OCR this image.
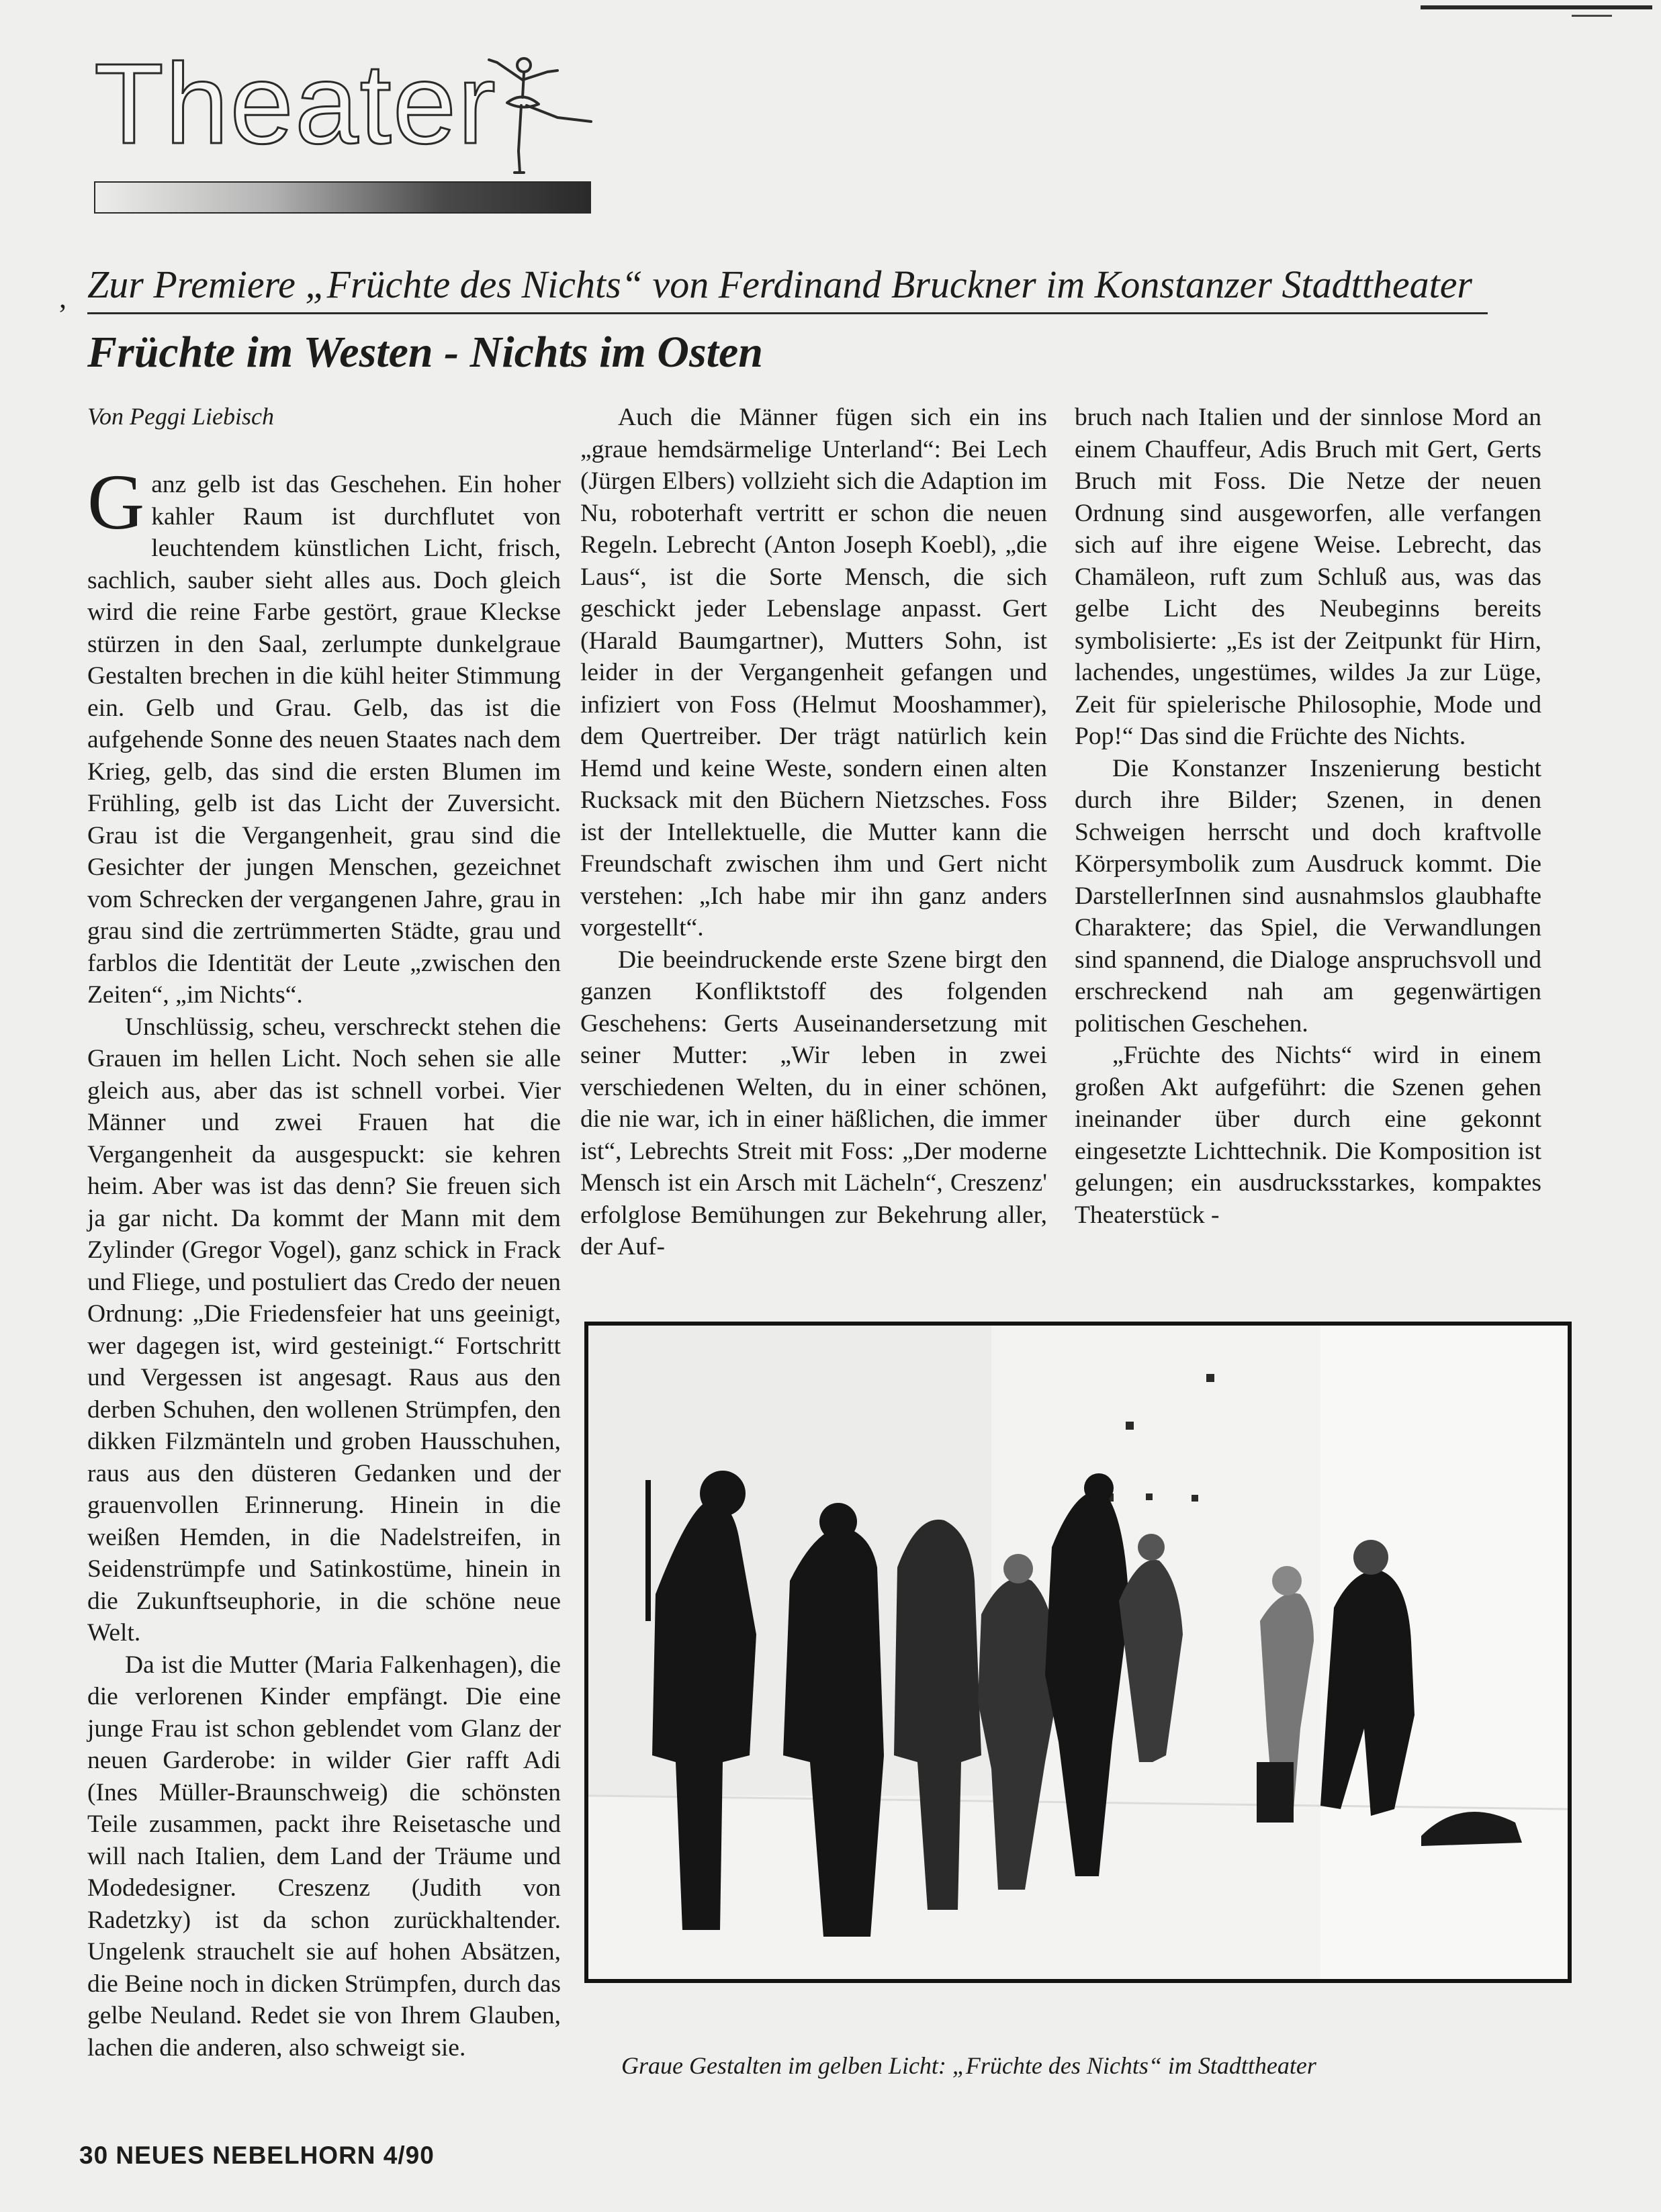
Theater
, Zur Premiere „Früchte des Nichts“ von Ferdinand Bruckner im Konstanzer Stadttheater
Früchte im Westen - Nichts im Osten
Von Peggi Liebisch

Ganz gelb ist das Geschehen. Ein hoher kahler Raum ist durchflutet von leuchtendem künstlichen Licht, frisch, sachlich, sauber sieht alles aus. Doch gleich wird die reine Farbe gestört, graue Kleckse stürzen in den Saal, zerlumpte dunkelgraue Gestalten brechen in die kühl heiter Stimmung ein. Gelb und Grau. Gelb, das ist die aufgehende Sonne des neuen Staates nach dem Krieg, gelb, das sind die ersten Blumen im Frühling, gelb ist das Licht der Zuversicht. Grau ist die Vergangenheit, grau sind die Gesichter der jungen Menschen, gezeichnet vom Schrecken der vergangenen Jahre, grau in grau sind die zertrümmerten Städte, grau und farblos die Identität der Leute „zwischen den Zeiten“, „im Nichts“.

Unschlüssig, scheu, verschreckt stehen die Grauen im hellen Licht. Noch sehen sie alle gleich aus, aber das ist schnell vorbei. Vier Männer und zwei Frauen hat die Vergangenheit da ausgespuckt: sie kehren heim. Aber was ist das denn? Sie freuen sich ja gar nicht. Da kommt der Mann mit dem Zylinder (Gregor Vogel), ganz schick in Frack und Fliege, und postuliert das Credo der neuen Ordnung: „Die Friedensfeier hat uns geeinigt, wer dagegen ist, wird gesteinigt.“ Fortschritt und Vergessen ist angesagt. Raus aus den derben Schuhen, den wollenen Strümpfen, den dikken Filzmänteln und groben Hausschuhen, raus aus den düsteren Gedanken und der grauenvollen Erinnerung. Hinein in die weißen Hemden, in die Nadelstreifen, in Seidenstrümpfe und Satinkostüme, hinein in die Zukunftseuphorie, in die schöne neue Welt.

Da ist die Mutter (Maria Falkenhagen), die die verlorenen Kinder empfängt. Die eine junge Frau ist schon geblendet vom Glanz der neuen Garderobe: in wilder Gier rafft Adi (Ines Müller-Braunschweig) die schönsten Teile zusammen, packt ihre Reisetasche und will nach Italien, dem Land der Träume und Modedesigner. Creszenz (Judith von Radetzky) ist da schon zurückhaltender. Ungelenk strauchelt sie auf hohen Absätzen, die Beine noch in dicken Strümpfen, durch das gelbe Neuland. Redet sie von Ihrem Glauben, lachen die anderen, also schweigt sie.

Auch die Männer fügen sich ein ins „graue hemdsärmelige Unterland“: Bei Lech (Jürgen Elbers) vollzieht sich die Adaption im Nu, roboterhaft vertritt er schon die neuen Regeln. Lebrecht (Anton Joseph Koebl), „die Laus“, ist die Sorte Mensch, die sich geschickt jeder Lebenslage anpasst. Gert (Harald Baumgartner), Mutters Sohn, ist leider in der Vergangenheit gefangen und infiziert von Foss (Helmut Mooshammer), dem Quertreiber. Der trägt natürlich kein Hemd und keine Weste, sondern einen alten Rucksack mit den Büchern Nietzsches. Foss ist der Intellektuelle, die Mutter kann die Freundschaft zwischen ihm und Gert nicht verstehen: „Ich habe mir ihn ganz anders vorgestellt“.

Die beeindruckende erste Szene birgt den ganzen Konfliktstoff des folgenden Geschehens: Gerts Auseinandersetzung mit seiner Mutter: „Wir leben in zwei verschiedenen Welten, du in einer schönen, die nie war, ich in einer häßlichen, die immer ist“, Lebrechts Streit mit Foss: „Der moderne Mensch ist ein Arsch mit Lächeln“, Creszenz' erfolglose Bemühungen zur Bekehrung aller, der Auf-

bruch nach Italien und der sinnlose Mord an einem Chauffeur, Adis Bruch mit Gert, Gerts Bruch mit Foss. Die Netze der neuen Ordnung sind ausgeworfen, alle verfangen sich auf ihre eigene Weise. Lebrecht, das Chamäleon, ruft zum Schluß aus, was das gelbe Licht des Neubeginns bereits symbolisierte: „Es ist der Zeitpunkt für Hirn, lachendes, ungestümes, wildes Ja zur Lüge, Zeit für spielerische Philosophie, Mode und Pop!“ Das sind die Früchte des Nichts.

Die Konstanzer Inszenierung besticht durch ihre Bilder; Szenen, in denen Schweigen herrscht und doch kraftvolle Körpersymbolik zum Ausdruck kommt. Die DarstellerInnen sind ausnahmslos glaubhafte Charaktere; das Spiel, die Verwandlungen sind spannend, die Dialoge anspruchsvoll und erschreckend nah am gegenwärtigen politischen Geschehen.

„Früchte des Nichts“ wird in einem großen Akt aufgeführt: die Szenen gehen ineinander über durch eine gekonnt eingesetzte Lichttechnik. Die Komposition ist gelungen; ein ausdrucksstarkes, kompaktes Theaterstück -

Graue Gestalten im gelben Licht: „Früchte des Nichts“ im Stadttheater
30 NEUES NEBELHORN 4/90
